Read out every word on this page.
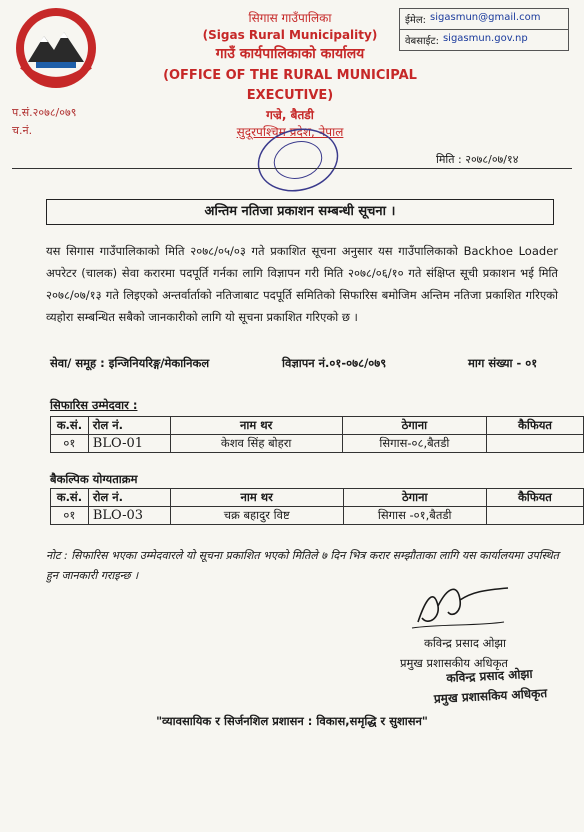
सिगास गाउँपालिका
(Sigas Rural Municipality)
गाउँ कार्यपालिकाको कार्यालय
(OFFICE OF THE RURAL MUNICIPAL EXECUTIVE)
गज्रे, बैतडी
सुदूरपश्चिम प्रदेश, नेपाल
ईमेल: sigasmun@gmail.com
वेबसाईट: sigasmun.gov.np
प.सं.२०७८/०७९
च.नं.
मिति : २०७८/०७/१४
अन्तिम नतिजा प्रकाशन सम्बन्धी सूचना ।
यस सिगास गाउँपालिकाको मिति २०७८/०५/०३ गते प्रकाशित सूचना अनुसार यस गाउँपालिकाको Backhoe Loader अपरेटर (चालक) सेवा करारमा पदपूर्ति गर्नका लागि विज्ञापन गरी मिति २०७८/०६/१० गते संक्षिप्त सूची प्रकाशन भई मिति २०७८/०७/१३ गते लिइएको अन्तर्वार्ताको नतिजाबाट पदपूर्ति समितिको सिफारिस बमोजिम अन्तिम नतिजा प्रकाशित गरिएको व्यहोरा सम्बन्धित सबैको जानकारीको लागि यो सूचना प्रकाशित गरिएको छ ।
सेवा/ समूह : इन्जिनियरिङ्ग/मेकानिकल	विज्ञापन नं.०१-०७८/०७९	माग संख्या - ०१
सिफारिस उम्मेदवार :
क.सं.	रोल नं.	नाम थर	ठेगाना	कैफियत
०१	BLO-01	केशव सिंह बोहरा	सिगास-०८,बैतडी	
बैकल्पिक योग्यताक्रम
क.सं.	रोल नं.	नाम थर	ठेगाना	कैफियत
०१	BLO-03	चक्र बहादुर विष्ट	सिगास -०१,बैतडी	
नोट : सिफारिस भएका उम्मेदवारले यो सूचना प्रकाशित भएको मितिले ७ दिन भित्र करार सम्झौताका लागि यस कार्यालयमा उपस्थित हुन जानकारी गराइन्छ ।
कविन्द्र प्रसाद ओझा
प्रमुख प्रशासकीय अधिकृत
कविन्द्र प्रसाद ओझा
प्रमुख प्रशासकिय अधिकृत
"व्यावसायिक र सिर्जनशिल प्रशासन : विकास,समृद्धि र सुशासन"
